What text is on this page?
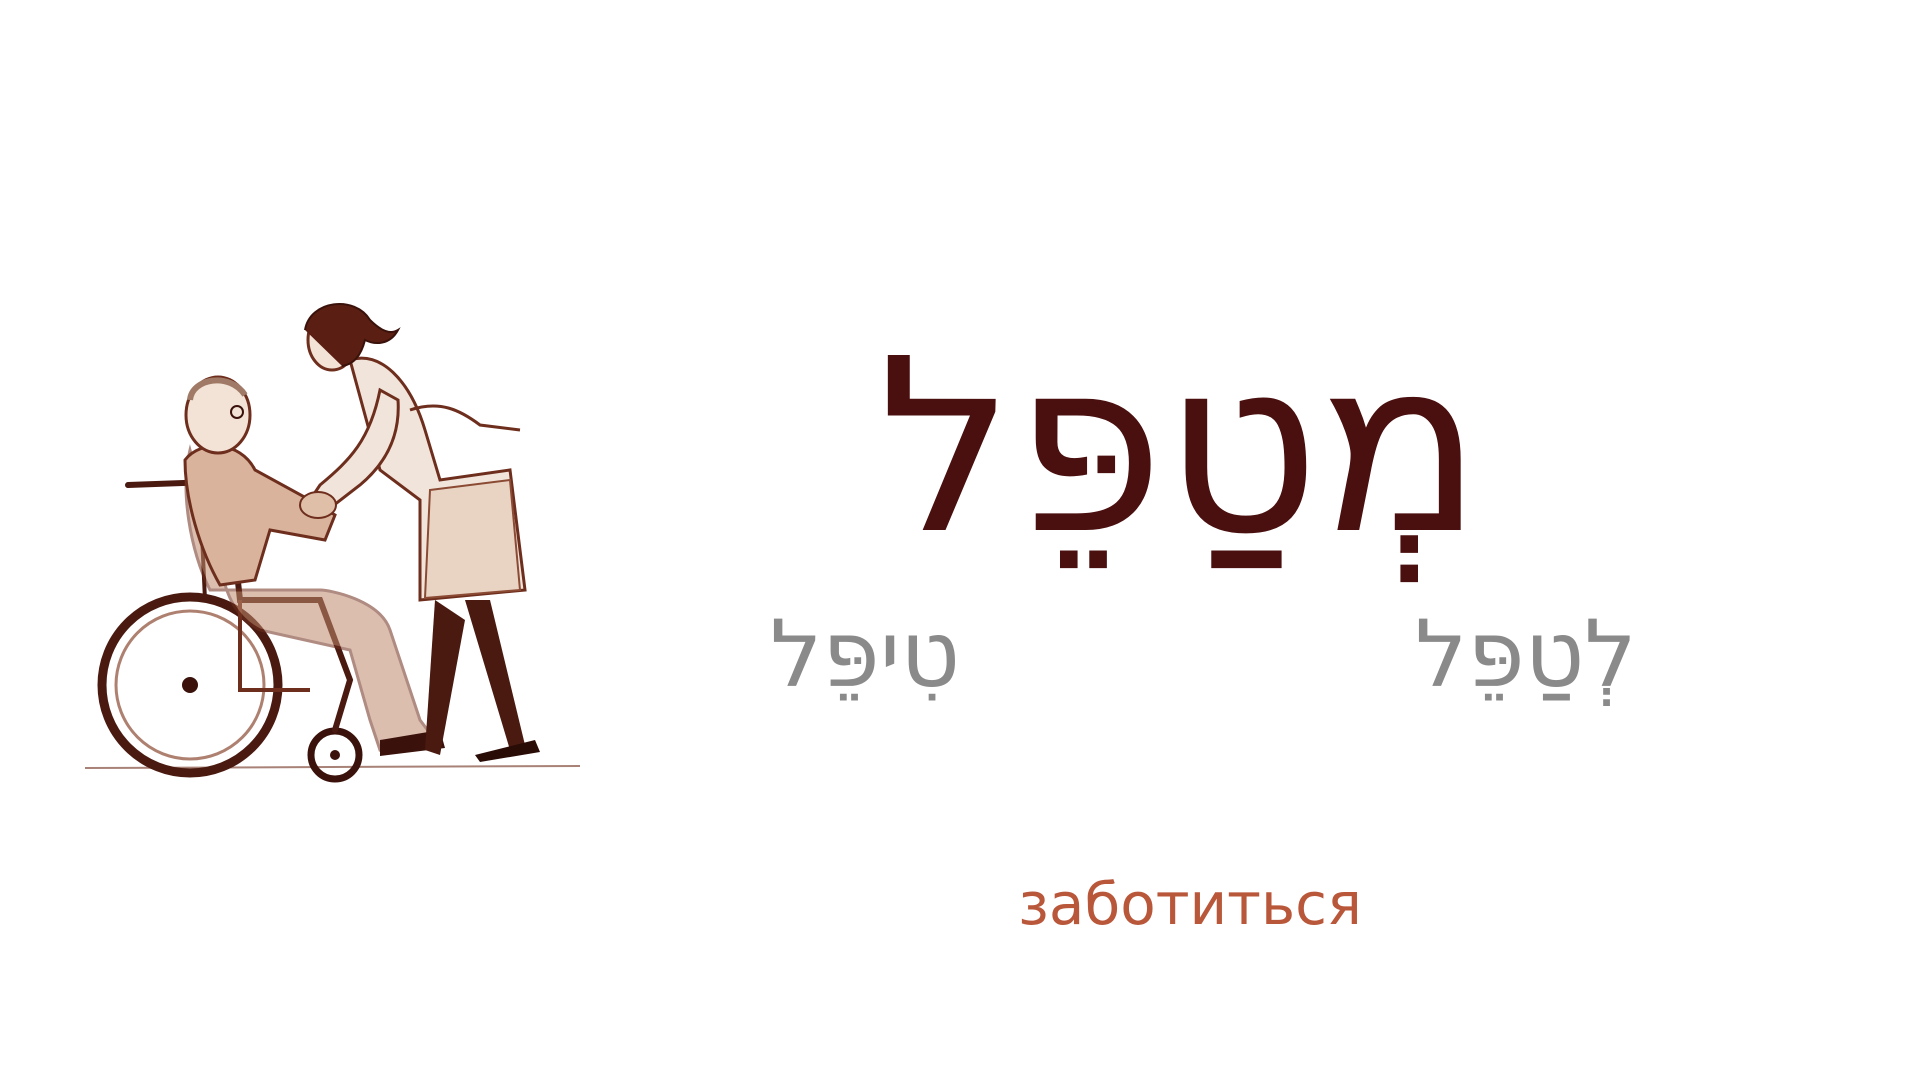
מְטַפֵּל
טִיפֵּל	לְטַפֵּל
заботиться
